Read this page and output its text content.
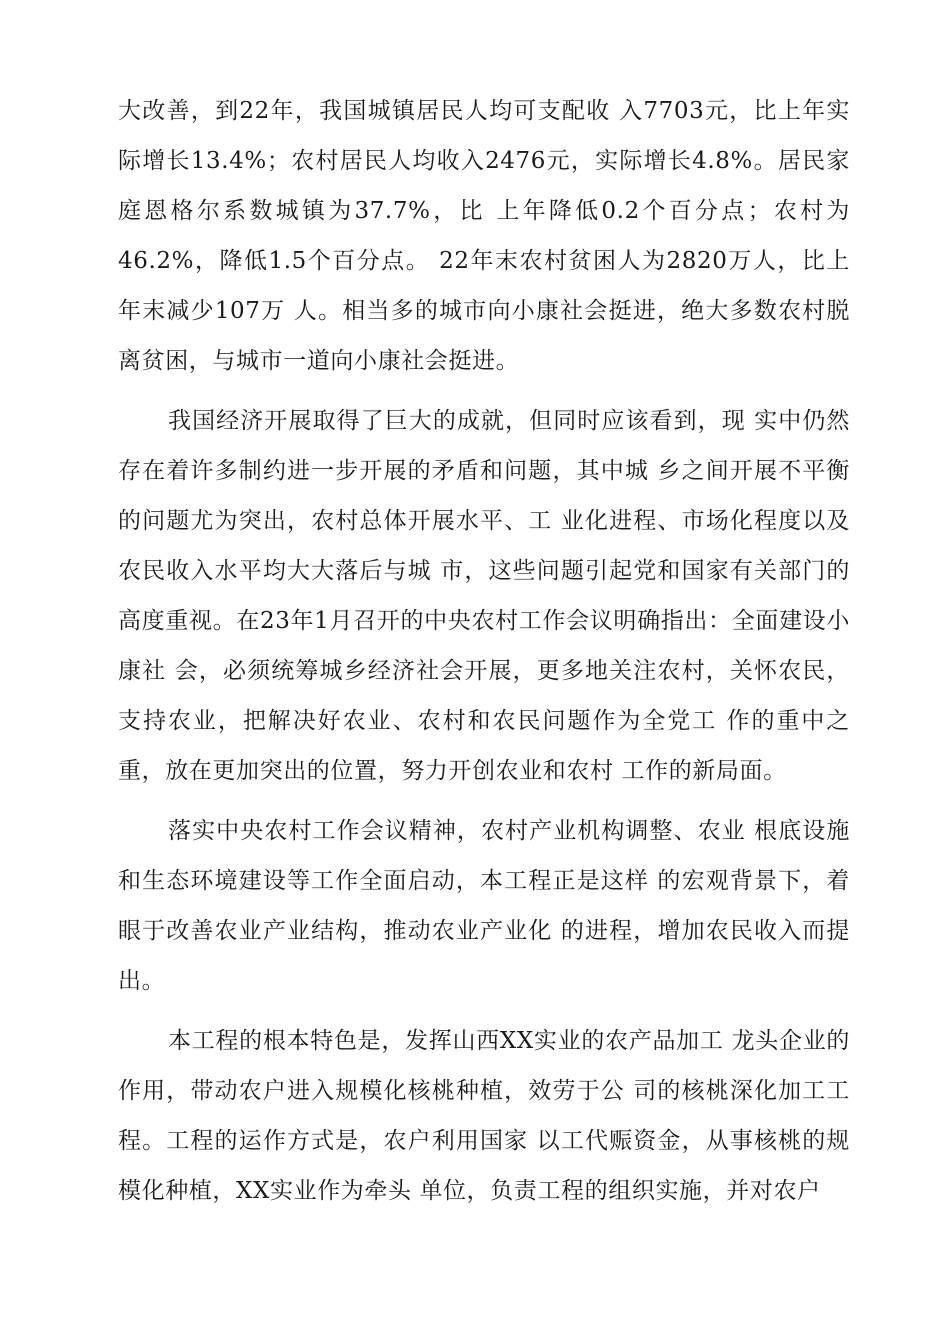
大改善，到22年，我国城镇居民人均可支配收 入7703元，比上年实际增长13.4%；农村居民人均收入2476元，实际增长4.8%。居民家庭恩格尔系数城镇为37.7%，比 上年降低0.2个百分点；农村为46.2%，降低1.5个百分点。 22年末农村贫困人为2820万人，比上年末减少107万 人。相当多的城市向小康社会挺进，绝大多数农村脱离贫困，与城市一道向小康社会挺进。

我国经济开展取得了巨大的成就，但同时应该看到，现 实中仍然存在着许多制约进一步开展的矛盾和问题，其中城 乡之间开展不平衡的问题尤为突出，农村总体开展水平、工 业化进程、市场化程度以及农民收入水平均大大落后与城 市，这些问题引起党和国家有关部门的高度重视。在23年1月召开的中央农村工作会议明确指出：全面建设小康社 会，必须统筹城乡经济社会开展，更多地关注农村，关怀农民，支持农业，把解决好农业、农村和农民问题作为全党工 作的重中之重，放在更加突出的位置，努力开创农业和农村 工作的新局面。

落实中央农村工作会议精神，农村产业机构调整、农业 根底设施和生态环境建设等工作全面启动，本工程正是这样 的宏观背景下，着眼于改善农业产业结构，推动农业产业化 的进程，增加农民收入而提出。

本工程的根本特色是，发挥山西XX实业的农产品加工 龙头企业的作用，带动农户进入规模化核桃种植，效劳于公 司的核桃深化加工工程。工程的运作方式是，农户利用国家 以工代赈资金，从事核桃的规模化种植，XX实业作为牵头 单位，负责工程的组织实施，并对农户
